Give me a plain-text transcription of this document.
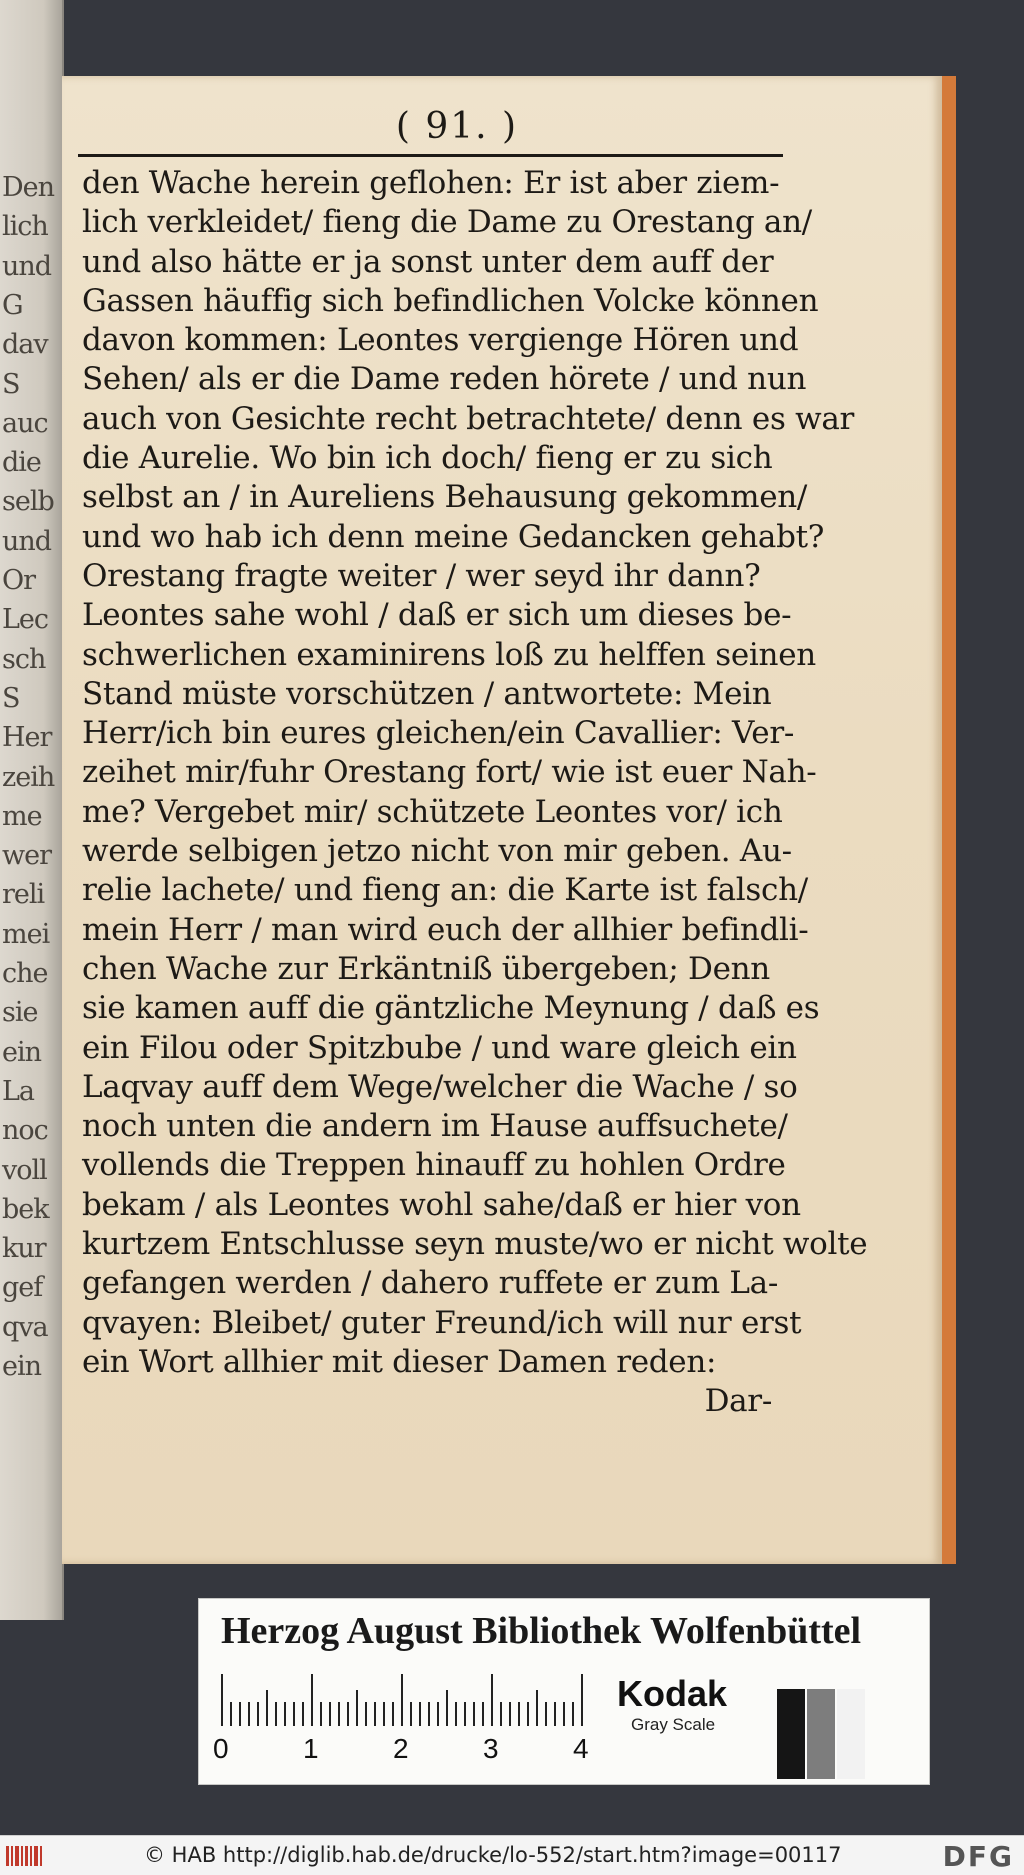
Den
lich
und
G
dav
S
auc
die
selb
und
Or
Lec
sch
S
Her
zeih
me
wer
reli
mei
che
sie
ein
La
noc
voll
bek
kur
gef
qva
ein
( 91. )
den Wache herein geflohen: Er ist aber ziem-
lich verkleidet/ fieng die Dame zu Orestang an/
und also hätte er ja sonst unter dem auff der
Gassen häuffig sich befindlichen Volcke können
davon kommen: Leontes vergienge Hören und
Sehen/ als er die Dame reden hörete / und nun
auch von Gesichte recht betrachtete/ denn es war
die Aurelie. Wo bin ich doch/ fieng er zu sich
selbst an / in Aureliens Behausung gekommen/
und wo hab ich denn meine Gedancken gehabt?
Orestang fragte weiter / wer seyd ihr dann?
Leontes sahe wohl / daß er sich um dieses be-
schwerlichen examinirens loß zu helffen seinen
Stand müste vorschützen / antwortete: Mein
Herr/ich bin eures gleichen/ein Cavallier: Ver-
zeihet mir/fuhr Orestang fort/ wie ist euer Nah-
me? Vergebet mir/ schützete Leontes vor/ ich
werde selbigen jetzo nicht von mir geben. Au-
relie lachete/ und fieng an: die Karte ist falsch/
mein Herr / man wird euch der allhier befindli-
chen Wache zur Erkäntniß übergeben; Denn
sie kamen auff die gäntzliche Meynung / daß es
ein Filou oder Spitzbube / und ware gleich ein
Laqvay auff dem Wege/welcher die Wache / so
noch unten die andern im Hause auffsuchete/
vollends die Treppen hinauff zu hohlen Ordre
bekam / als Leontes wohl sahe/daß er hier von
kurtzem Entschlusse seyn muste/wo er nicht wolte
gefangen werden / dahero ruffete er zum La-
qvayen: Bleibet/ guter Freund/ich will nur erst
ein Wort allhier mit dieser Damen reden:
Dar-
Herzog August Bibliothek Wolfenbüttel
Kodak
Gray Scale
0	1	2	3	4
© HAB http://diglib.hab.de/drucke/lo-552/start.htm?image=00117	DFG
